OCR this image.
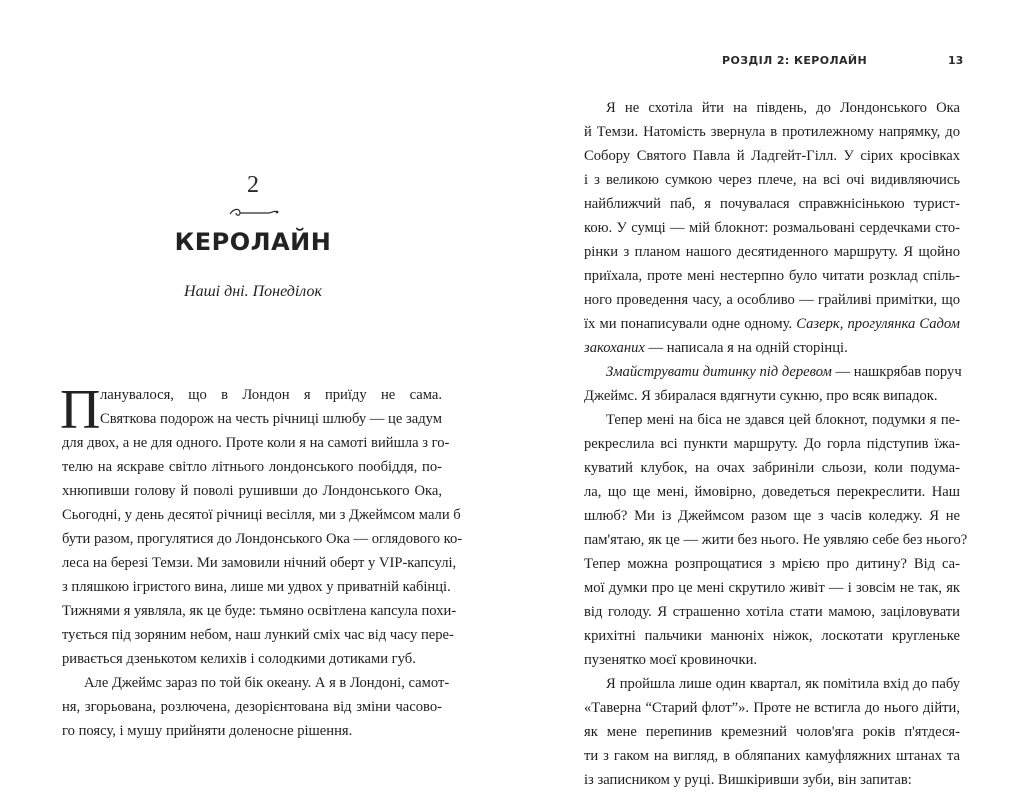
2
КЕРОЛАЙН
Наші дні. Понеділок
П ланувалося, що в Лондон я приїду не сама.
Святкова подорож на честь річниці шлюбу — це задум
для двох, а не для одного. Проте коли я на самоті вийшла з го-
телю на яскраве світло літнього лондонського пообіддя, по-
хнюпивши голову й поволі рушивши до Лондонського Ока,
Сьогодні, у день десятої річниці весілля, ми з Джеймсом мали б
бути разом, прогулятися до Лондонського Ока — оглядового ко-
леса на березі Темзи. Ми замовили нічний оберт у VIP-капсулі,
з пляшкою ігристого вина, лише ми удвох у приватній кабінці.
Тижнями я уявляла, як це буде: тьмяно освітлена капсула похи-
тується під зоряним небом, наш лункий сміх час від часу пере-
ривається дзенькотом келихів і солодкими дотиками губ.
Але Джеймс зараз по той бік океану. А я в Лондоні, самот-
ня, згорьована, розлючена, дезорієнтована від зміни часово-
го поясу, і мушу прийняти доленосне рішення.
РОЗДІЛ 2: КЕРОЛАЙН	13
Я не схотіла йти на південь, до Лондонського Ока
й Темзи. Натомість звернула в протилежному напрямку, до
Собору Святого Павла й Ладгейт-Гілл. У сірих кросівках
і з великою сумкою через плече, на всі очі видивляючись
найближчий паб, я почувалася справжнісінькою турист-
кою. У сумці — мій блокнот: розмальовані сердечками сто-
рінки з планом нашого десятиденного маршруту. Я щойно
приїхала, проте мені нестерпно було читати розклад спіль-
ного проведення часу, а особливо — грайливі примітки, що
їх ми понаписували одне одному. Сазерк, прогулянка Садом
закоханих — написала я на одній сторінці.
Змайструвати дитинку під деревом — нашкрябав поруч
Джеймс. Я збиралася вдягнути сукню, про всяк випадок.
Тепер мені на біса не здався цей блокнот, подумки я пе-
рекреслила всі пункти маршруту. До горла підступив їжа-
куватий клубок, на очах забриніли сльози, коли подума-
ла, що ще мені, ймовірно, доведеться перекреслити. Наш
шлюб? Ми із Джеймсом разом ще з часів коледжу. Я не
пам'ятаю, як це — жити без нього. Не уявляю себе без нього?
Тепер можна розпрощатися з мрією про дитину? Від са-
мої думки про це мені скрутило живіт — і зовсім не так, як
від голоду. Я страшенно хотіла стати мамою, заціловувати
крихітні пальчики манюніх ніжок, лоскотати кругленьке
пузенятко моєї кровиночки.
Я пройшла лише один квартал, як помітила вхід до пабу
«Таверна “Старий флот”». Проте не встигла до нього дійти,
як мене перепинив кремезний чолов'яга років п'ятдеся-
ти з гаком на вигляд, в обляпаних камуфляжних штанах та
із записником у руці. Вишкіривши зуби, він запитав:
